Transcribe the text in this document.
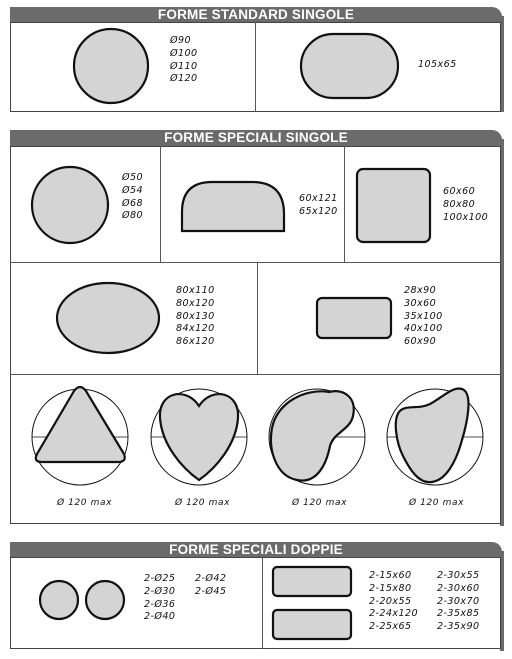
FORME STANDARD SINGOLE
Ø90
Ø100
Ø110
Ø120
105x65
FORME SPECIALI SINGOLE
Ø50
Ø54
Ø68
Ø80
60x121
65x120
60x60
80x80
100x100
80x110
80x120
80x130
84x120
86x120
28x90
30x60
35x100
40x100
60x90
Ø 120 max	Ø 120 max	Ø 120 max	Ø 120 max
FORME SPECIALI DOPPIE
2-Ø25
2-Ø30
2-Ø36
2-Ø40
2-Ø42
2-Ø45
2-15x60
2-15x80
2-20x55
2-24x120
2-25x65
2-30x55
2-30x60
2-30x70
2-35x85
2-35x90
